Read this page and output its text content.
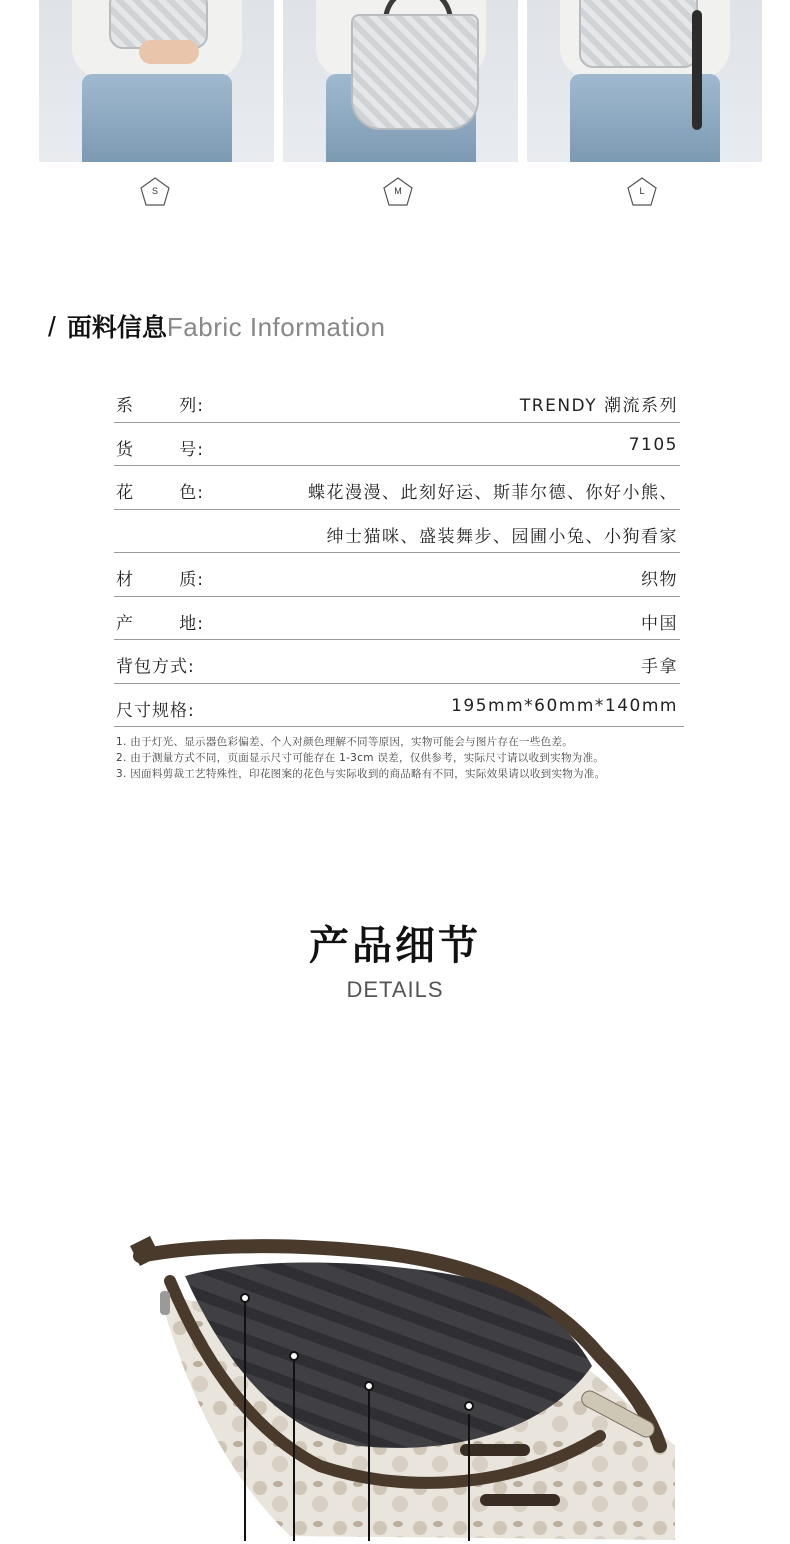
S	M	L
/ 面料信息Fabric Information
系	列:	TRENDY 潮流系列
货	号:	7105
花	色:	蝶花漫漫、此刻好运、斯菲尔德、你好小熊、
绅士猫咪、盛装舞步、园圃小兔、小狗看家
材	质:	织物
产	地:	中国
背包方式:	手拿
尺寸规格:	195mm*60mm*140mm
1. 由于灯光、显示器色彩偏差、个人对颜色理解不同等原因，实物可能会与图片存在一些色差。
2. 由于测量方式不同，页面显示尺寸可能存在 1-3cm 误差，仅供参考，实际尺寸请以收到实物为准。
3. 因面料剪裁工艺特殊性，印花图案的花色与实际收到的商品略有不同，实际效果请以收到实物为准。
产品细节
DETAILS
